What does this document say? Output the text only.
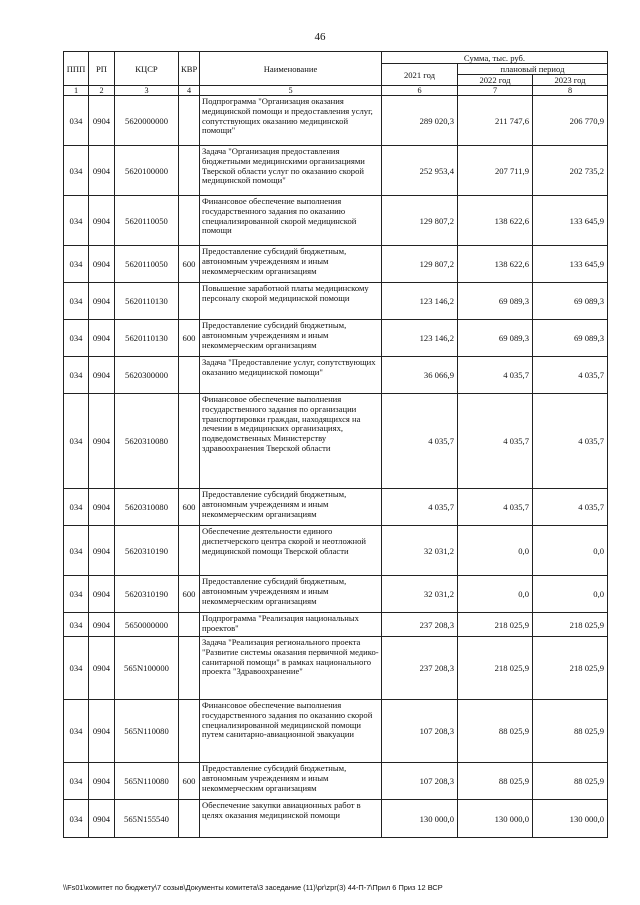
46
ППП	РП	КЦСР	КВР	Наименование	Сумма, тыс. руб.		
					2021 год	плановый период	
						2022 год	2023 год
1	2	3	4	5	6	7	8
034	0904	5620000000		Подпрограмма "Организация оказания медицинской помощи и предоставления услуг, сопутствующих оказанию медицинской помощи"	289 020,3	211 747,6	206 770,9
034	0904	5620100000		Задача "Организация предоставления бюджетными медицинскими организациями Тверской области услуг по оказанию скорой медицинской помощи"	252 953,4	207 711,9	202 735,2
034	0904	5620110050		Финансовое обеспечение выполнения государственного задания по оказанию специализированной скорой медицинской помощи	129 807,2	138 622,6	133 645,9
034	0904	5620110050	600	Предоставление субсидий бюджетным, автономным учреждениям и иным некоммерческим организациям	129 807,2	138 622,6	133 645,9
034	0904	5620110130		Повышение заработной платы медицинскому персоналу скорой медицинской помощи	123 146,2	69 089,3	69 089,3
034	0904	5620110130	600	Предоставление субсидий бюджетным, автономным учреждениям и иным некоммерческим организациям	123 146,2	69 089,3	69 089,3
034	0904	5620300000		Задача "Предоставление услуг, сопутствующих оказанию медицинской помощи"	36 066,9	4 035,7	4 035,7
034	0904	5620310080		Финансовое обеспечение выполнения государственного задания по организации транспортировки граждан, находящихся на лечении в медицинских организациях, подведомственных Министерству здравоохранения Тверской области	4 035,7	4 035,7	4 035,7
034	0904	5620310080	600	Предоставление субсидий бюджетным, автономным учреждениям и иным некоммерческим организациям	4 035,7	4 035,7	4 035,7
034	0904	5620310190		Обеспечение деятельности единого диспетчерского центра скорой и неотложной медицинской помощи Тверской области	32 031,2	0,0	0,0
034	0904	5620310190	600	Предоставление субсидий бюджетным, автономным учреждениям и иным некоммерческим организациям	32 031,2	0,0	0,0
034	0904	5650000000		Подпрограмма "Реализация национальных проектов"	237 208,3	218 025,9	218 025,9
034	0904	565N100000		Задача "Реализация регионального проекта "Развитие системы оказания первичной медико-санитарной помощи" в рамках национального проекта "Здравоохранение"	237 208,3	218 025,9	218 025,9
034	0904	565N110080		Финансовое обеспечение выполнения государственного задания по оказанию скорой специализированной медицинской помощи путем санитарно-авиационной эвакуации	107 208,3	88 025,9	88 025,9
034	0904	565N110080	600	Предоставление субсидий бюджетным, автономным учреждениям и иным некоммерческим организациям	107 208,3	88 025,9	88 025,9
034	0904	565N155540		Обеспечение закупки авиационных работ в целях оказания медицинской помощи	130 000,0	130 000,0	130 000,0
\\Fs01\комитет по бюджету\7 созыв\Документы комитета\3 заседание (11)\pr\zpr(3) 44-П-7\Прил 6 Приз 12 ВСР
